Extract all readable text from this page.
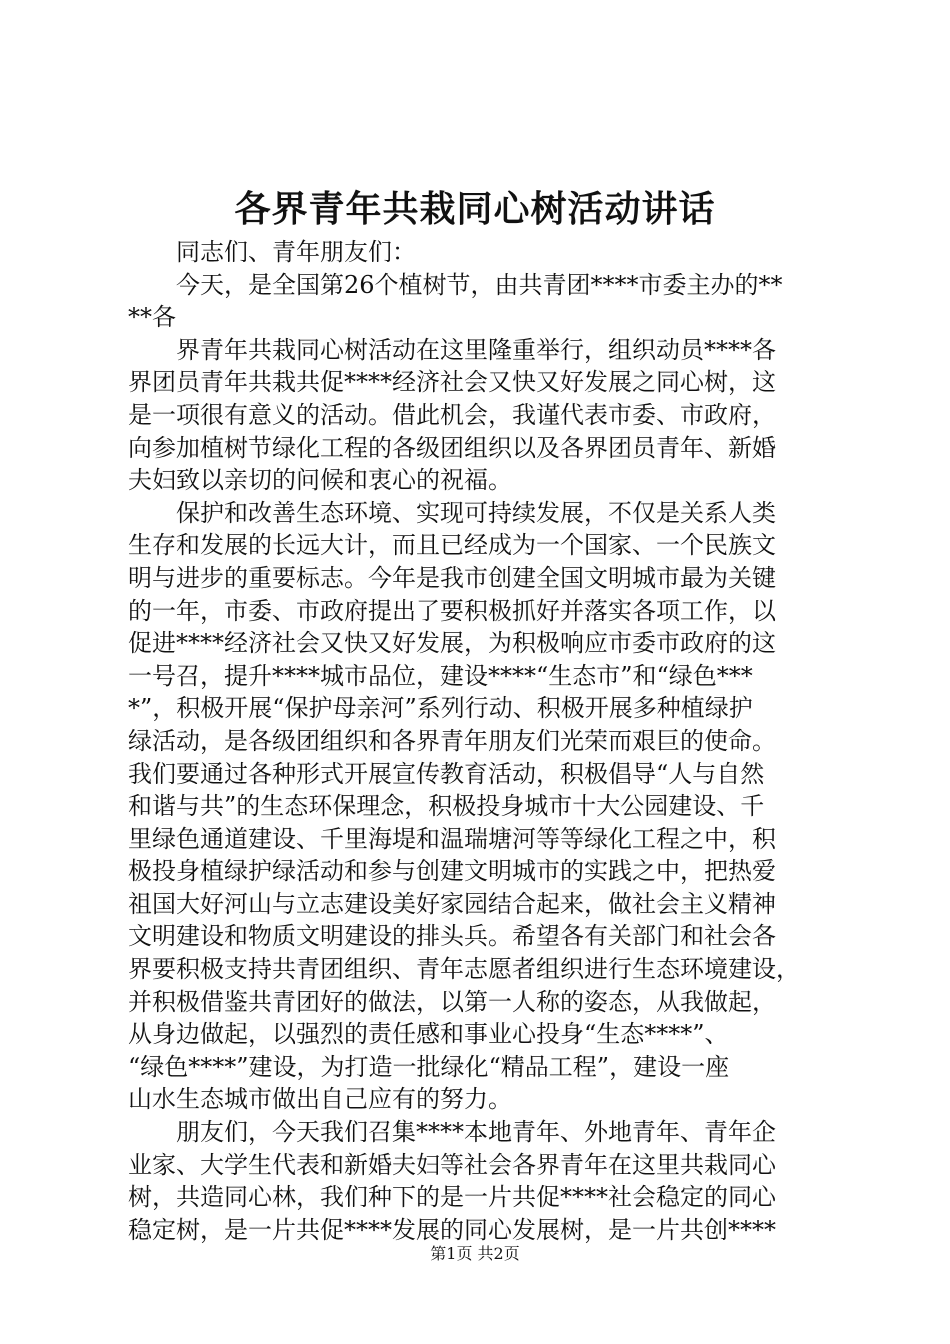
各界青年共栽同心树活动讲话
　　同志们、青年朋友们：
　　今天，是全国第26个植树节，由共青团****市委主办的**
**各
　　界青年共栽同心树活动在这里隆重举行，组织动员****各
界团员青年共栽共促****经济社会又快又好发展之同心树，这
是一项很有意义的活动。借此机会，我谨代表市委、市政府，
向参加植树节绿化工程的各级团组织以及各界团员青年、新婚
夫妇致以亲切的问候和衷心的祝福。
　　保护和改善生态环境、实现可持续发展，不仅是关系人类
生存和发展的长远大计，而且已经成为一个国家、一个民族文
明与进步的重要标志。今年是我市创建全国文明城市最为关键
的一年，市委、市政府提出了要积极抓好并落实各项工作，以
促进****经济社会又快又好发展，为积极响应市委市政府的这
一号召，提升****城市品位，建设****“生态市”和“绿色***
*”，积极开展“保护母亲河”系列行动、积极开展多种植绿护
绿活动，是各级团组织和各界青年朋友们光荣而艰巨的使命。
我们要通过各种形式开展宣传教育活动，积极倡导“人与自然
和谐与共”的生态环保理念，积极投身城市十大公园建设、千
里绿色通道建设、千里海堤和温瑞塘河等等绿化工程之中，积
极投身植绿护绿活动和参与创建文明城市的实践之中，把热爱
祖国大好河山与立志建设美好家园结合起来，做社会主义精神
文明建设和物质文明建设的排头兵。希望各有关部门和社会各
界要积极支持共青团组织、青年志愿者组织进行生态环境建设，
并积极借鉴共青团好的做法，以第一人称的姿态，从我做起，
从身边做起，以强烈的责任感和事业心投身“生态****”、
“绿色****”建设，为打造一批绿化“精品工程”，建设一座
山水生态城市做出自己应有的努力。
　　朋友们，今天我们召集****本地青年、外地青年、青年企
业家、大学生代表和新婚夫妇等社会各界青年在这里共栽同心
树，共造同心林，我们种下的是一片共促****社会稳定的同心
稳定树，是一片共促****发展的同心发展树，是一片共创****
第1页 共2页
